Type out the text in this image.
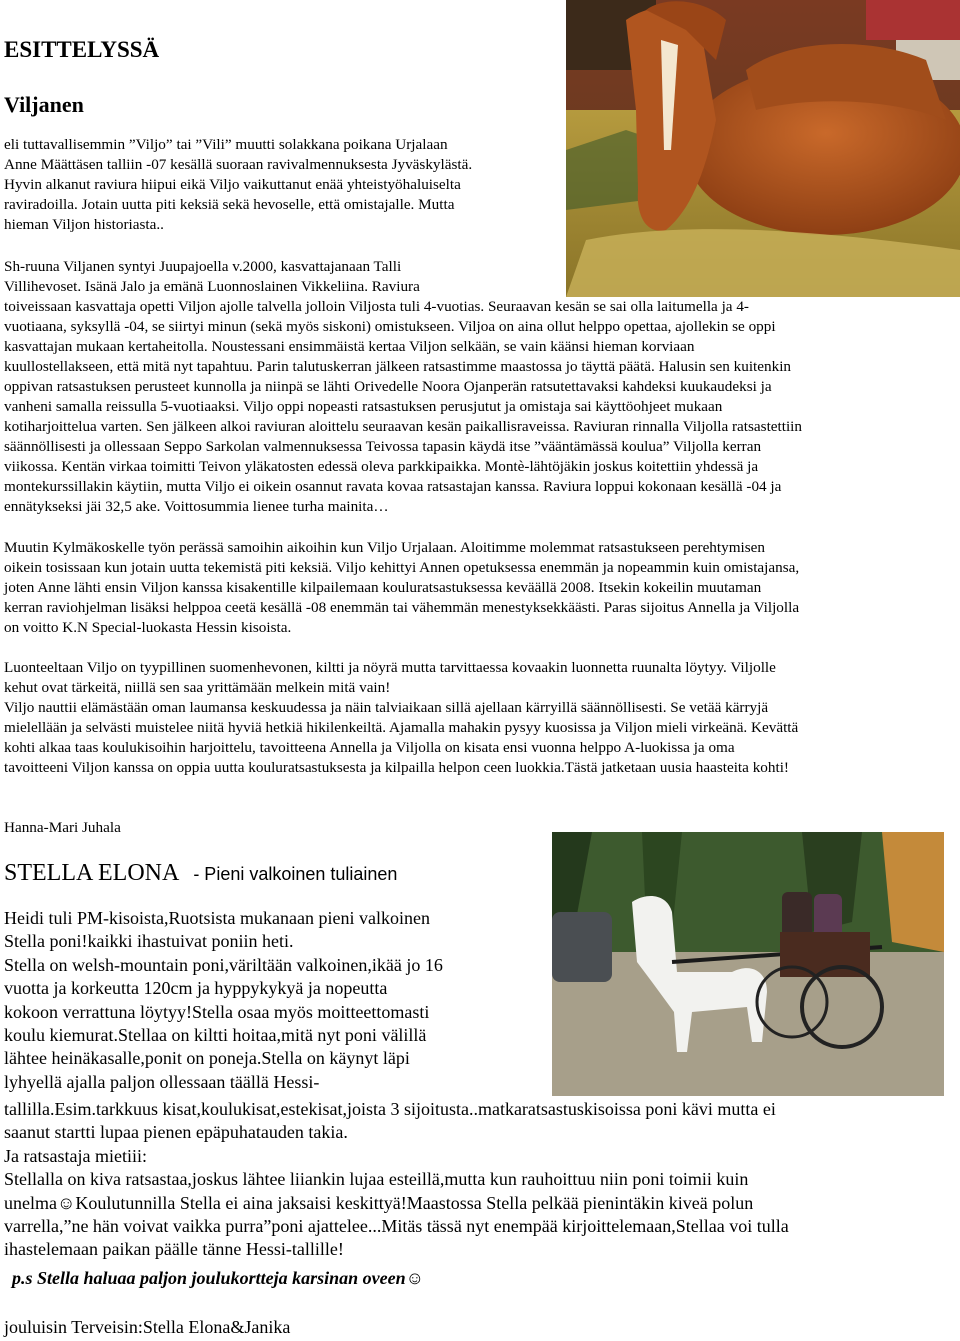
ESITTELYSSÄ
Viljanen
eli tuttavallisemmin ”Viljo” tai ”Vili” muutti solakkana poikana Urjalaan
Anne Määttäsen talliin -07 kesällä suoraan ravivalmennuksesta Jyväskylästä.
Hyvin alkanut raviura hiipui eikä Viljo vaikuttanut enää yhteistyöhaluiselta
raviradoilla. Jotain uutta piti keksiä sekä hevoselle, että omistajalle. Mutta
hieman Viljon historiasta..
Sh-ruuna Viljanen syntyi Juupajoella v.2000, kasvattajanaan Talli
Villihevoset. Isänä Jalo ja emänä Luonnoslainen Vikkeliina. Raviura
toiveissaan kasvattaja opetti Viljon ajolle talvella jolloin Viljosta tuli 4-vuotias. Seuraavan kesän se sai olla laitumella ja 4-
vuotiaana, syksyllä -04, se siirtyi minun (sekä myös siskoni) omistukseen. Viljoa on aina ollut helppo opettaa, ajollekin se oppi
kasvattajan mukaan kertaheitolla. Noustessani ensimmäistä kertaa Viljon selkään, se vain käänsi hieman korviaan
kuullostellakseen, että mitä nyt tapahtuu. Parin talutuskerran jälkeen ratsastimme maastossa jo täyttä päätä. Halusin sen kuitenkin
oppivan ratsastuksen perusteet kunnolla ja niinpä se lähti Orivedelle Noora Ojanperän ratsutettavaksi kahdeksi kuukaudeksi ja
vanheni samalla reissulla 5-vuotiaaksi. Viljo oppi nopeasti ratsastuksen perusjutut ja omistaja sai käyttöohjeet mukaan
kotiharjoittelua varten. Sen jälkeen alkoi raviuran aloittelu seuraavan kesän paikallisraveissa. Raviuran rinnalla Viljolla ratsastettiin
säännöllisesti ja ollessaan Seppo Sarkolan valmennuksessa Teivossa tapasin käydä itse ”vääntämässä koulua” Viljolla kerran
viikossa. Kentän virkaa toimitti Teivon yläkatosten edessä oleva parkkipaikka. Montè-lähtöjäkin joskus koitettiin yhdessä ja
montekurssillakin käytiin, mutta Viljo ei oikein osannut ravata kovaa ratsastajan kanssa. Raviura loppui kokonaan kesällä -04 ja
ennätykseksi jäi 32,5 ake. Voittosummia lienee turha mainita…
Muutin Kylmäkoskelle työn perässä samoihin aikoihin kun Viljo Urjalaan. Aloitimme molemmat ratsastukseen perehtymisen
oikein tosissaan kun jotain uutta tekemistä piti keksiä. Viljo kehittyi Annen opetuksessa enemmän ja nopeammin kuin omistajansa,
joten Anne lähti ensin Viljon kanssa kisakentille kilpailemaan kouluratsastuksessa keväällä 2008. Itsekin kokeilin muutaman
kerran raviohjelman lisäksi helppoa ceetä kesällä -08 enemmän tai vähemmän menestyksekkäästi. Paras sijoitus Annella ja Viljolla
on voitto K.N Special-luokasta Hessin kisoista.
Luonteeltaan Viljo on tyypillinen suomenhevonen, kiltti ja nöyrä mutta tarvittaessa kovaakin luonnetta ruunalta löytyy. Viljolle
kehut ovat tärkeitä, niillä sen saa yrittämään melkein mitä vain!
Viljo nauttii elämästään oman laumansa keskuudessa ja näin talviaikaan sillä ajellaan kärryillä säännöllisesti. Se vetää kärryjä
mielellään ja selvästi muistelee niitä hyviä hetkiä hikilenkeiltä. Ajamalla mahakin pysyy kuosissa ja Viljon mieli virkeänä. Kevättä
kohti alkaa taas koulukisoihin harjoittelu, tavoitteena Annella ja Viljolla on kisata ensi vuonna helppo A-luokissa ja oma
tavoitteeni Viljon kanssa on oppia uutta kouluratsastuksesta ja kilpailla helpon ceen luokkia.Tästä jatketaan uusia haasteita kohti!
Hanna-Mari Juhala
STELLA ELONA - Pieni valkoinen tuliainen
Heidi tuli PM-kisoista,Ruotsista mukanaan pieni valkoinen
Stella poni!kaikki ihastuivat poniin heti.
Stella on welsh-mountain poni,väriltään valkoinen,ikää jo 16
vuotta ja korkeutta 120cm ja hyppykykyä ja nopeutta
kokoon verrattuna löytyy!Stella osaa myös moitteettomasti
koulu kiemurat.Stellaa on kiltti hoitaa,mitä nyt poni välillä
lähtee heinäkasalle,ponit on poneja.Stella on käynyt läpi
lyhyellä ajalla paljon ollessaan täällä Hessi-
tallilla.Esim.tarkkuus kisat,koulukisat,estekisat,joista 3 sijoitusta..matkaratsastuskisoissa poni kävi mutta ei
saanut startti lupaa pienen epäpuhatauden takia.
Ja ratsastaja mietiii:
Stellalla on kiva ratsastaa,joskus lähtee liiankin lujaa esteillä,mutta kun rauhoittuu niin poni toimii kuin
unelma☺Koulutunnilla Stella ei aina jaksaisi keskittyä!Maastossa Stella pelkää pienintäkin kiveä polun
varrella,”ne hän voivat vaikka purra”poni ajattelee...Mitäs tässä nyt enempää kirjoittelemaan,Stellaa voi tulla
ihastelemaan paikan päälle tänne Hessi-tallille!
p.s Stella haluaa paljon joulukortteja karsinan oveen☺
jouluisin Terveisin:Stella Elona&Janika
